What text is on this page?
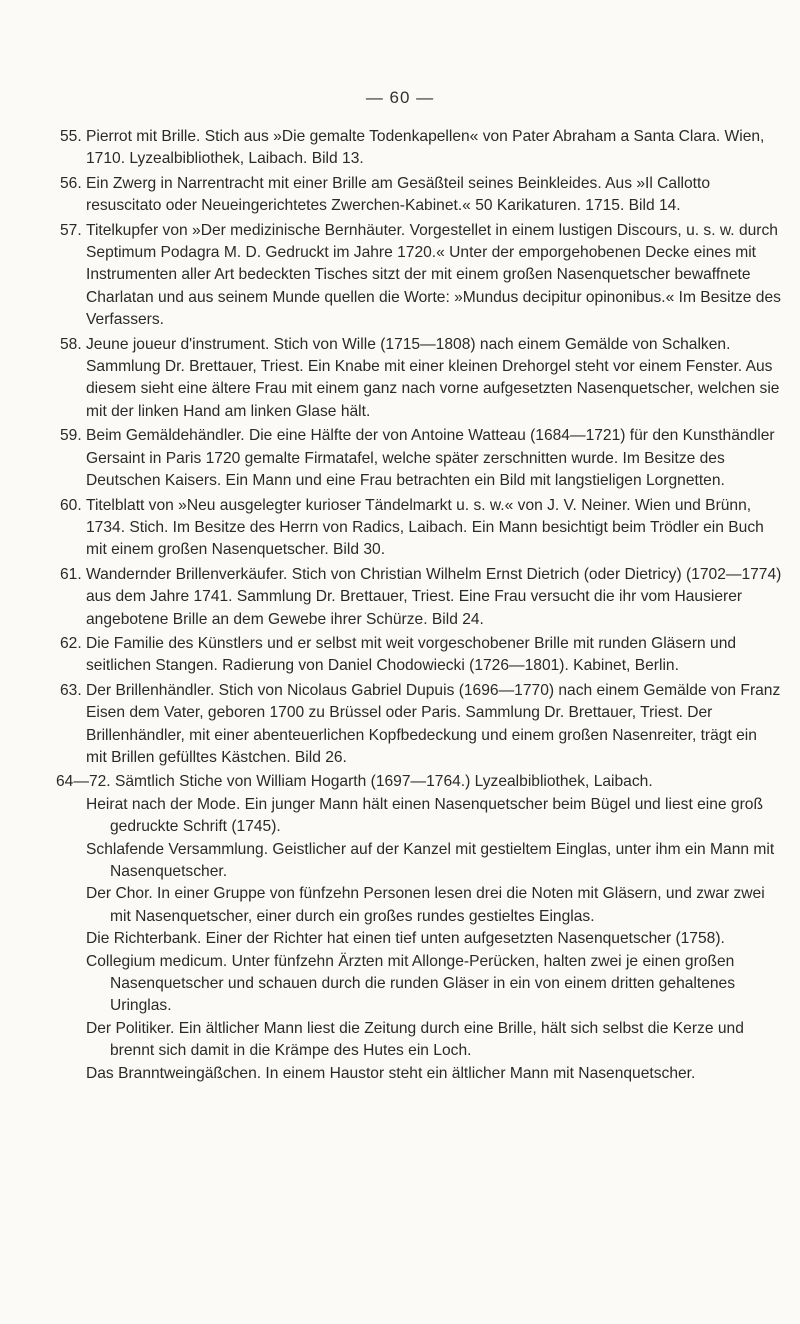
— 60 —
55. Pierrot mit Brille. Stich aus »Die gemalte Todenkapellen« von Pater Abraham a Santa Clara. Wien, 1710. Lyzealbibliothek, Laibach. Bild 13.
56. Ein Zwerg in Narrentracht mit einer Brille am Gesäßteil seines Beinkleides. Aus »Il Callotto resuscitato oder Neueingerichtetes Zwerchen-Kabinet.« 50 Karikaturen. 1715. Bild 14.
57. Titelkupfer von »Der medizinische Bernhäuter. Vorgestellet in einem lustigen Discours, u. s. w. durch Septimum Podagra M. D. Gedruckt im Jahre 1720.« Unter der emporgehobenen Decke eines mit Instrumenten aller Art bedeckten Tisches sitzt der mit einem großen Nasenquetscher bewaffnete Charlatan und aus seinem Munde quellen die Worte: »Mundus decipitur opinonibus.« Im Besitze des Verfassers.
58. Jeune joueur d'instrument. Stich von Wille (1715—1808) nach einem Gemälde von Schalken. Sammlung Dr. Brettauer, Triest. Ein Knabe mit einer kleinen Drehorgel steht vor einem Fenster. Aus diesem sieht eine ältere Frau mit einem ganz nach vorne aufgesetzten Nasenquetscher, welchen sie mit der linken Hand am linken Glase hält.
59. Beim Gemäldehändler. Die eine Hälfte der von Antoine Watteau (1684—1721) für den Kunsthändler Gersaint in Paris 1720 gemalte Firmatafel, welche später zerschnitten wurde. Im Besitze des Deutschen Kaisers. Ein Mann und eine Frau betrachten ein Bild mit langstieligen Lorgnetten.
60. Titelblatt von »Neu ausgelegter kurioser Tändelmarkt u. s. w.« von J. V. Neiner. Wien und Brünn, 1734. Stich. Im Besitze des Herrn von Radics, Laibach. Ein Mann besichtigt beim Trödler ein Buch mit einem großen Nasenquetscher. Bild 30.
61. Wandernder Brillenverkäufer. Stich von Christian Wilhelm Ernst Dietrich (oder Dietricy) (1702—1774) aus dem Jahre 1741. Sammlung Dr. Brettauer, Triest. Eine Frau versucht die ihr vom Hausierer angebotene Brille an dem Gewebe ihrer Schürze. Bild 24.
62. Die Familie des Künstlers und er selbst mit weit vorgeschobener Brille mit runden Gläsern und seitlichen Stangen. Radierung von Daniel Chodowiecki (1726—1801). Kabinet, Berlin.
63. Der Brillenhändler. Stich von Nicolaus Gabriel Dupuis (1696—1770) nach einem Gemälde von Franz Eisen dem Vater, geboren 1700 zu Brüssel oder Paris. Sammlung Dr. Brettauer, Triest. Der Brillenhändler, mit einer abenteuerlichen Kopfbedeckung und einem großen Nasenreiter, trägt ein mit Brillen gefülltes Kästchen. Bild 26.
64—72. Sämtlich Stiche von William Hogarth (1697—1764.) Lyzealbibliothek, Laibach.
Heirat nach der Mode. Ein junger Mann hält einen Nasenquetscher beim Bügel und liest eine groß gedruckte Schrift (1745).
Schlafende Versammlung. Geistlicher auf der Kanzel mit gestieltem Einglas, unter ihm ein Mann mit Nasenquetscher.
Der Chor. In einer Gruppe von fünfzehn Personen lesen drei die Noten mit Gläsern, und zwar zwei mit Nasenquetscher, einer durch ein großes rundes gestieltes Einglas.
Die Richterbank. Einer der Richter hat einen tief unten aufgesetzten Nasenquetscher (1758).
Collegium medicum. Unter fünfzehn Ärzten mit Allonge-Perücken, halten zwei je einen großen Nasenquetscher und schauen durch die runden Gläser in ein von einem dritten gehaltenes Uringlas.
Der Politiker. Ein ältlicher Mann liest die Zeitung durch eine Brille, hält sich selbst die Kerze und brennt sich damit in die Krämpe des Hutes ein Loch.
Das Branntweingäßchen. In einem Haustor steht ein ältlicher Mann mit Nasenquetscher.
